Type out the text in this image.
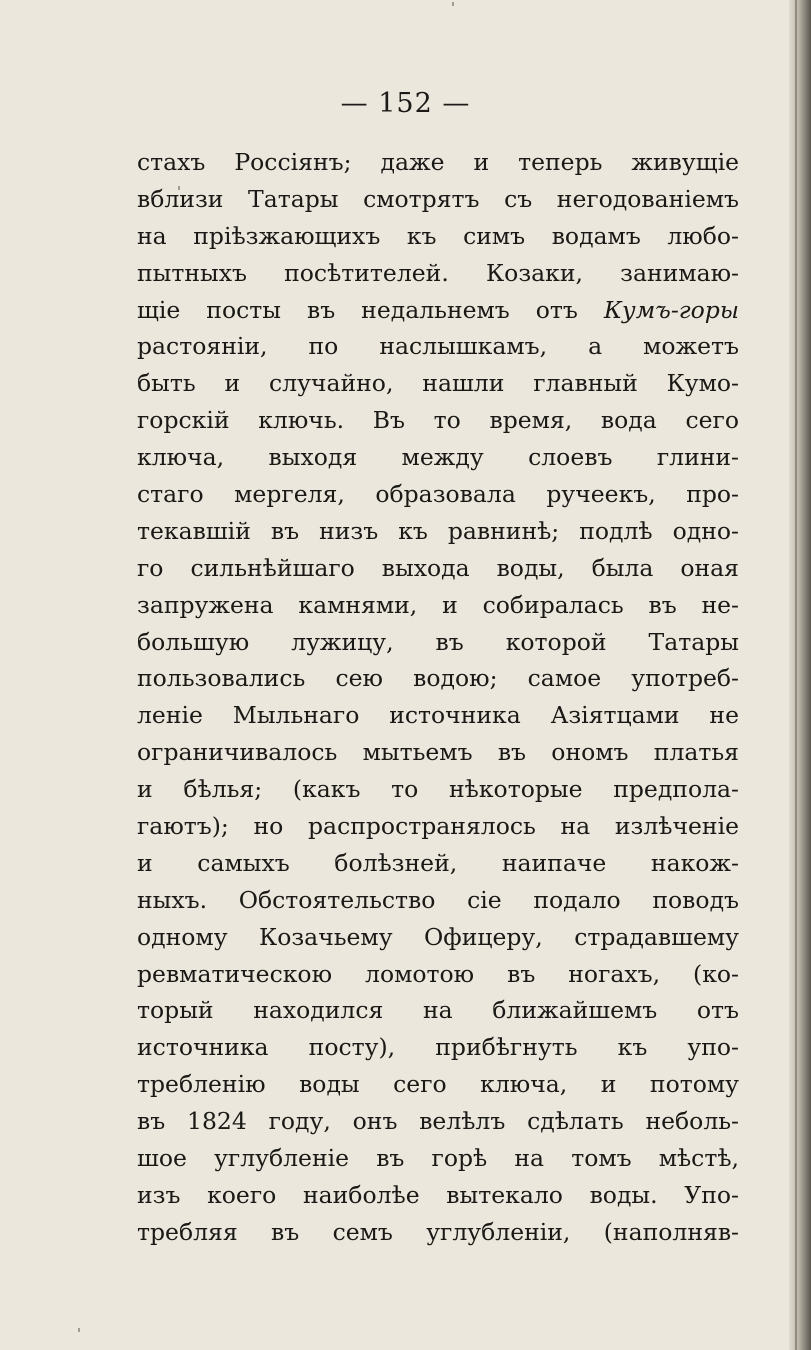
— 152 —
стахъ Россіянъ; даже и теперь живущіе
вблизи Татары смотрятъ съ негодованіемъ
на пріѣзжающихъ къ симъ водамъ любо-
пытныхъ посѣтителей. Козаки, занимаю-
щіе посты въ недальнемъ отъ Кумъ-горы
растояніи, по наслышкамъ, а можетъ
быть и случайно, нашли главный Кумо-
горскій ключь. Въ то время, вода сего
ключа, выходя между слоевъ глини-
стаго мергеля, образовала ручеекъ, про-
текавшій въ низъ къ равнинѣ; подлѣ одно-
го сильнѣйшаго выхода воды, была оная
запружена камнями, и собиралась въ не-
большую лужицу, въ которой Татары
пользовались сею водою; самое употреб-
леніе Мыльнаго источника Азіятцами не
ограничивалось мытьемъ въ ономъ платья
и бѣлья; (какъ то нѣкоторые предпола-
гаютъ); но распространялось на излѣченіе
и самыхъ болѣзней, наипаче накож-
ныхъ. Обстоятельство сіе подало поводъ
одному Козачьему Офицеру, страдавшему
ревматическою ломотою въ ногахъ, (ко-
торый находился на ближайшемъ отъ
источника посту), прибѣгнуть къ упо-
требленію воды сего ключа, и потому
въ 1824 году, онъ велѣлъ сдѣлать неболь-
шое углубленіе въ горѣ на томъ мѣстѣ,
изъ коего наиболѣе вытекало воды. Упо-
требляя въ семъ углубленіи, (наполняв-
